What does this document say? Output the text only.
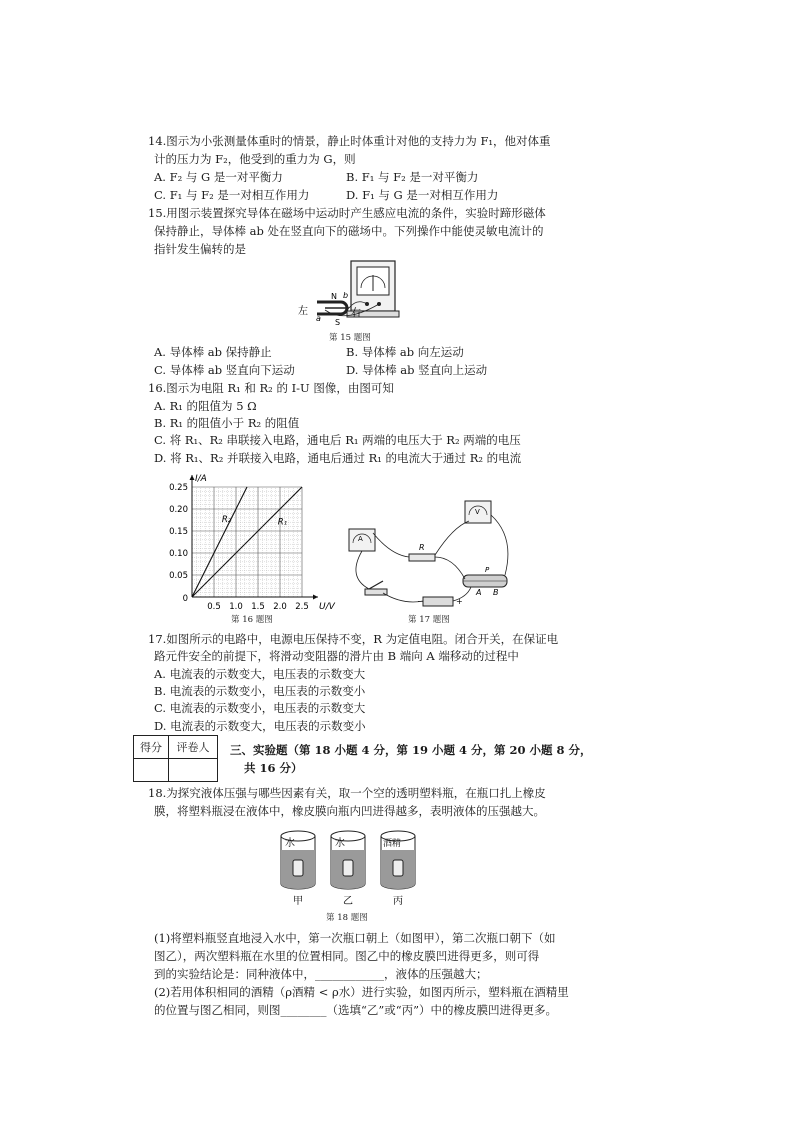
14.图示为小张测量体重时的情景，静止时体重计对他的支持力为 F₁，他对体重
计的压力为 F₂，他受到的重力为 G，则
A. F₂ 与 G 是一对平衡力	B. F₁ 与 F₂ 是一对平衡力
C. F₁ 与 F₂ 是一对相互作用力	D. F₁ 与 G 是一对相互作用力
15.用图示装置探究导体在磁场中运动时产生感应电流的条件，实验时蹄形磁体
保持静止，导体棒 ab 处在竖直向下的磁场中。下列操作中能使灵敏电流计的
指针发生偏转的是
N
S
b
a
左	右
第 15 题图
A. 导体棒 ab 保持静止	B. 导体棒 ab 向左运动
C. 导体棒 ab 竖直向下运动	D. 导体棒 ab 竖直向上运动
16.图示为电阻 R₁ 和 R₂ 的 I-U 图像，由图可知
A. R₁ 的阻值为 5 Ω
B. R₁ 的阻值小于 R₂ 的阻值
C. 将 R₁、R₂ 串联接入电路，通电后 R₁ 两端的电压大于 R₂ 两端的电压
D. 将 R₁、R₂ 并联接入电路，通电后通过 R₁ 的电流大于通过 R₂ 的电流
0.5 1.0 1.5 2.0 2.5
0.05
0.10
0.15
0.20
0.25
0
U/V
I/A
R₂	R₁
第 16 题图
A
V
R
P
A B
−	+
第 17 题图
17.如图所示的电路中，电源电压保持不变，R 为定值电阻。闭合开关，在保证电
路元件安全的前提下，将滑动变阻器的滑片由 B 端向 A 端移动的过程中
A. 电流表的示数变大，电压表的示数变大
B. 电流表的示数变小，电压表的示数变小
C. 电流表的示数变小，电压表的示数变大
D. 电流表的示数变大，电压表的示数变小
得分	评卷人
	三、实验题（第 18 小题 4 分，第 19 小题 4 分，第 20 小题 8 分，
共 16 分）
18.为探究液体压强与哪些因素有关，取一个空的透明塑料瓶，在瓶口扎上橡皮
膜，将塑料瓶浸在液体中，橡皮膜向瓶内凹进得越多，表明液体的压强越大。
水	水	酒精
甲	乙	丙
第 18 题图
(1)将塑料瓶竖直地浸入水中，第一次瓶口朝上（如图甲），第二次瓶口朝下（如
图乙），两次塑料瓶在水里的位置相同。图乙中的橡皮膜凹进得更多，则可得
到的实验结论是：同种液体中，____________，液体的压强越大；
(2)若用体积相同的酒精（ρ酒精 < ρ水）进行实验，如图丙所示，塑料瓶在酒精里
的位置与图乙相同，则图________（选填“乙”或“丙”）中的橡皮膜凹进得更多。
